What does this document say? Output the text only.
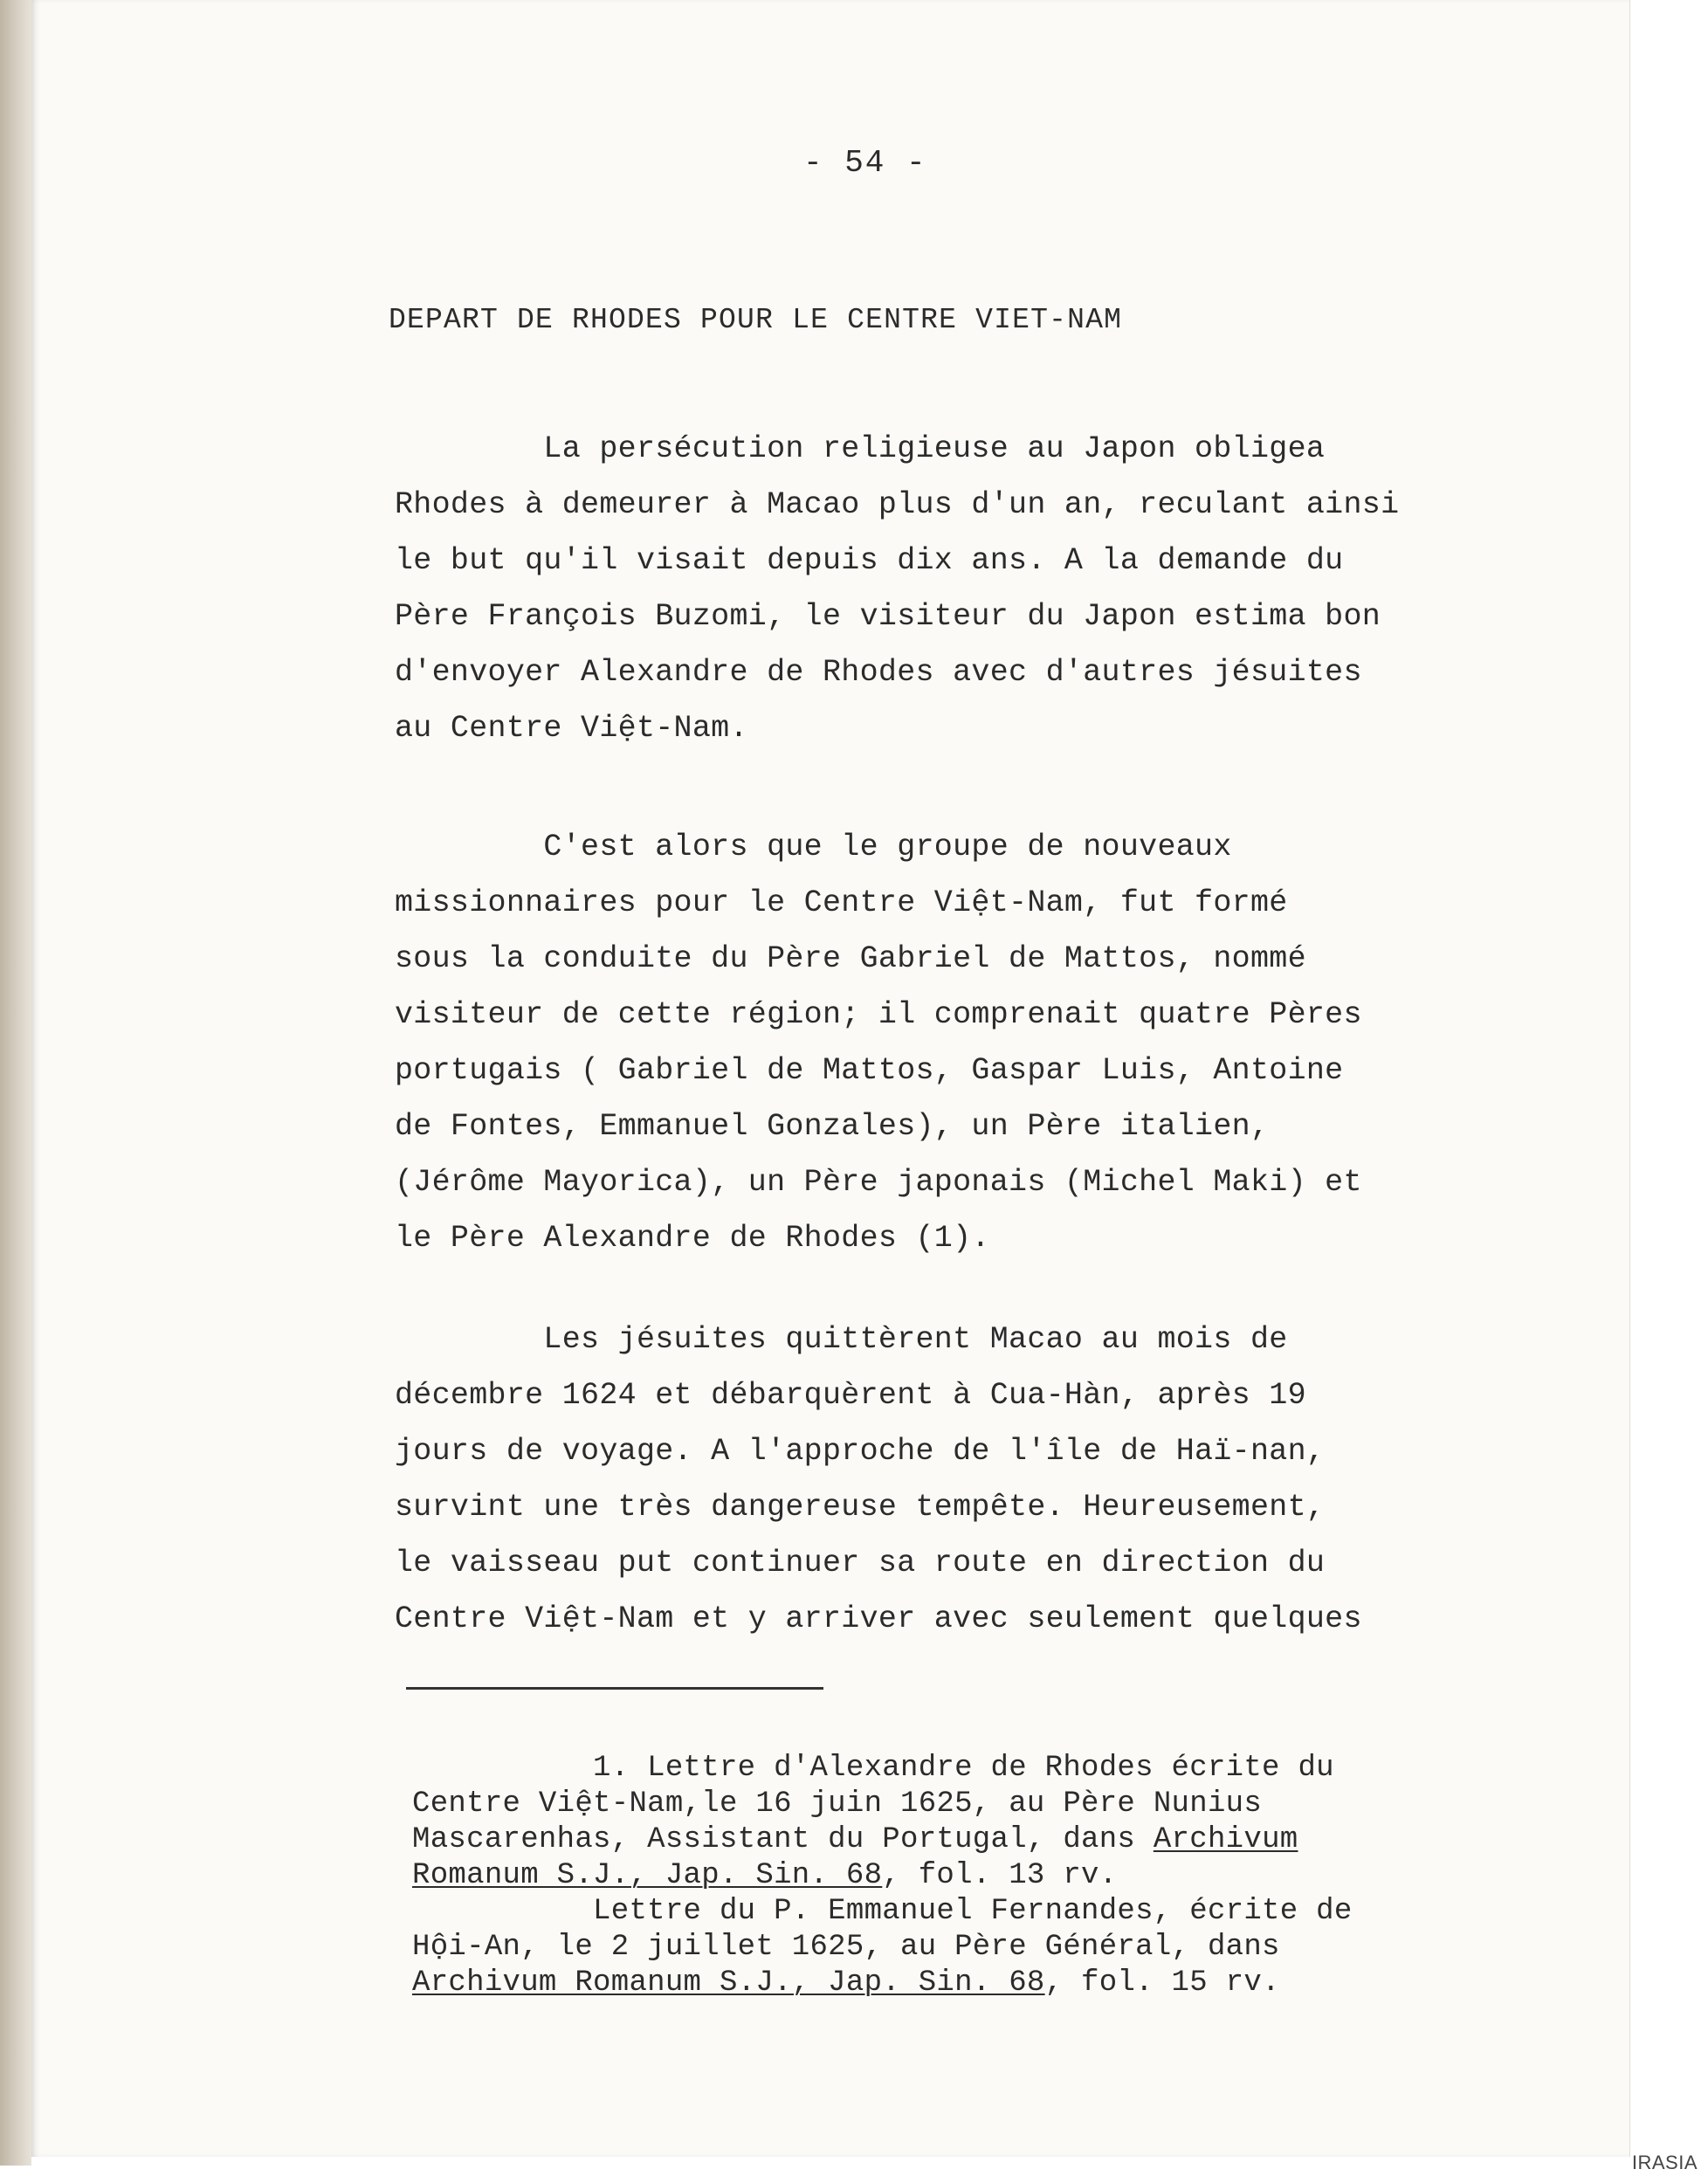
- 54 -
DEPART DE RHODES POUR LE CENTRE VIET-NAM
La persécution religieuse au Japon obligea
Rhodes à demeurer à Macao plus d'un an, reculant ainsi
le but qu'il visait depuis dix ans. A la demande du
Père François Buzomi, le visiteur du Japon estima bon
d'envoyer Alexandre de Rhodes avec d'autres jésuites
au Centre Việt-Nam.
C'est alors que le groupe de nouveaux
missionnaires pour le Centre Việt-Nam, fut formé
sous la conduite du Père Gabriel de Mattos, nommé
visiteur de cette région; il comprenait quatre Pères
portugais ( Gabriel de Mattos, Gaspar Luis, Antoine
de Fontes, Emmanuel Gonzales), un Père italien,
(Jérôme Mayorica), un Père japonais (Michel Maki) et
le Père Alexandre de Rhodes (1).
Les jésuites quittèrent Macao au mois de
décembre 1624 et débarquèrent à Cua-Hàn, après 19
jours de voyage. A l'approche de l'île de Haï-nan,
survint une très dangereuse tempête. Heureusement,
le vaisseau put continuer sa route en direction du
Centre Việt-Nam et y arriver avec seulement quelques
1. Lettre d'Alexandre de Rhodes écrite du
Centre Việt-Nam,le 16 juin 1625, au Père Nunius
Mascarenhas, Assistant du Portugal, dans Archivum
Romanum S.J., Jap. Sin. 68, fol. 13 rv.
Lettre du P. Emmanuel Fernandes, écrite de
Hội-An, le 2 juillet 1625, au Père Général, dans
Archivum Romanum S.J., Jap. Sin. 68, fol. 15 rv.
IRASIA
